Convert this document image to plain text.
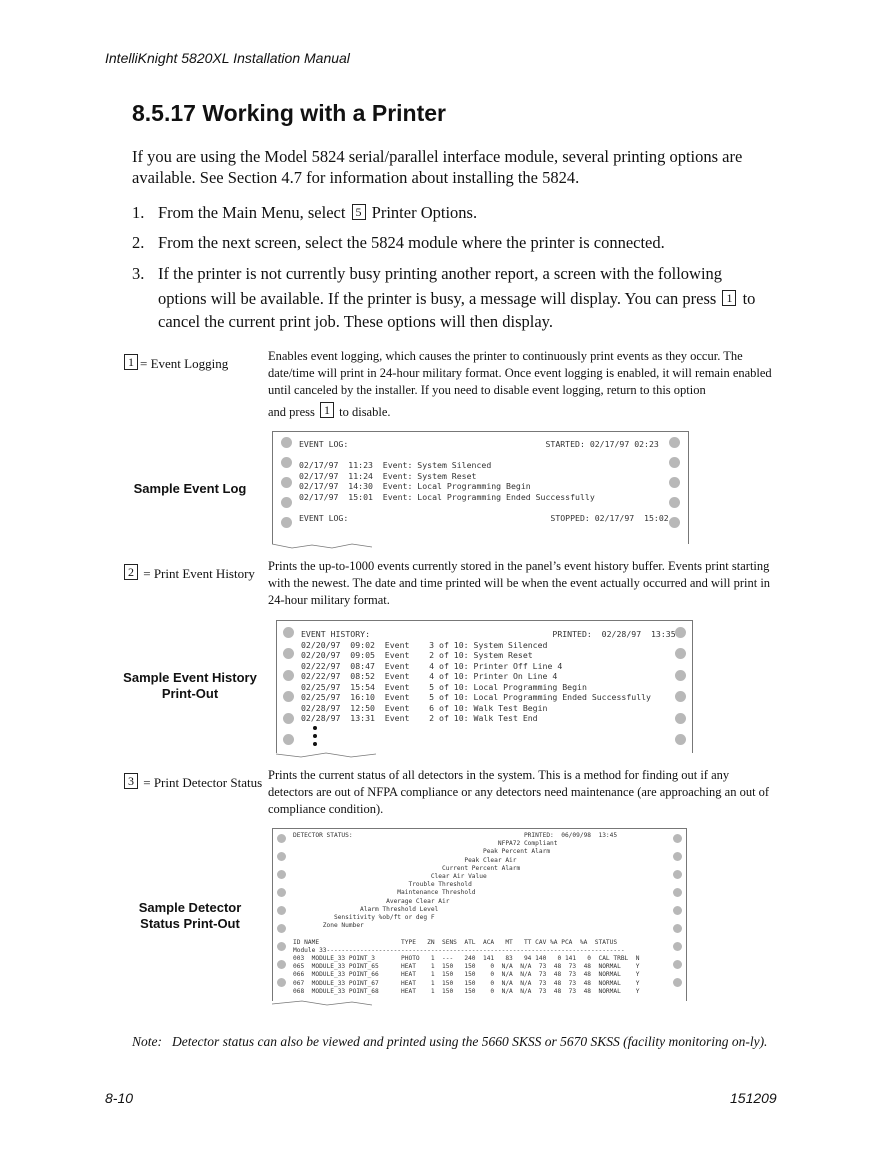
IntelliKnight 5820XL Installation Manual
8.5.17 Working with a Printer
If you are using the Model 5824 serial/parallel interface module, several printing options are available. See Section 4.7 for information about installing the 5824.
1. From the Main Menu, select 5 Printer Options.
2. From the next screen, select the 5824 module where the printer is connected.
3. If the printer is not currently busy printing another report, a screen with the following
options will be available. If the printer is busy, a message will display. You can press 1 to
cancel the current print job. These options will then display.
1 = Event Logging	Enables event logging, which causes the printer to continuously print events as they occur. The date/time will print in 24-hour military format. Once event logging is enabled, it will remain enabled until canceled by the installer. If you need to disable event logging, return to this option
and press 1 to disable.
Sample Event Log
EVENT LOG:                                        STARTED: 02/17/97 02:23

02/17/97  11:23  Event: System Silenced
02/17/97  11:24  Event: System Reset
02/17/97  14:30  Event: Local Programming Begin
02/17/97  15:01  Event: Local Programming Ended Successfully

EVENT LOG:                                         STOPPED: 02/17/97  15:02
2 = Print Event History Prints the up-to-1000 events currently stored in the panel’s event history buffer. Events print starting with the newest. The date and time printed will be when the event actually occurred and will print in 24-hour military format.
Sample Event History Print-Out
EVENT HISTORY:                                     PRINTED:  02/28/97  13:35
02/20/97  09:02  Event    3 of 10: System Silenced
02/20/97  09:05  Event    2 of 10: System Reset
02/22/97  08:47  Event    4 of 10: Printer Off Line 4
02/22/97  08:52  Event    4 of 10: Printer On Line 4
02/25/97  15:54  Event    5 of 10: Local Programming Begin
02/25/97  16:10  Event    5 of 10: Local Programming Ended Successfully
02/28/97  12:50  Event    6 of 10: Walk Test Begin
02/28/97  13:31  Event    2 of 10: Walk Test End
3 = Print Detector Status Prints the current status of all detectors in the system. This is a method for finding out if any detectors are out of NFPA compliance or any detectors need maintenance (are approaching an out of compliance condition).
Sample Detector Status Print-Out
DETECTOR STATUS:                                              PRINTED:  06/09/98  13:45
NFPA72 Compliant
Peak Percent Alarm
Peak Clear Air
Current Percent Alarm
Clear Air Value
Trouble Threshold
Maintenance Threshold
Average Clear Air
Alarm Threshold Level
Sensitivity %ob/ft or deg F
Zone Number

ID NAME                      TYPE   ZN  SENS  ATL  ACA   MT   TT CAV %A PCA  %A  STATUS
Module 33--------------------------------------------------------------------------------
003  MODULE_33 POINT_3       PHOTO   1  ---   240  141   83   94 140   0 141   0  CAL TRBL  N
065  MODULE_33 POINT_65      HEAT    1  150   150    0  N/A  N/A  73  48  73  48  NORMAL    Y
066  MODULE_33 POINT_66      HEAT    1  150   150    0  N/A  N/A  73  48  73  48  NORMAL    Y
067  MODULE_33 POINT_67      HEAT    1  150   150    0  N/A  N/A  73  48  73  48  NORMAL    Y
068  MODULE_33 POINT_68      HEAT    1  150   150    0  N/A  N/A  73  48  73  48  NORMAL    Y
Note: Detector status can also be viewed and printed using the 5660 SKSS or 5670 SKSS (facility monitoring on-ly).
8-10	151209
